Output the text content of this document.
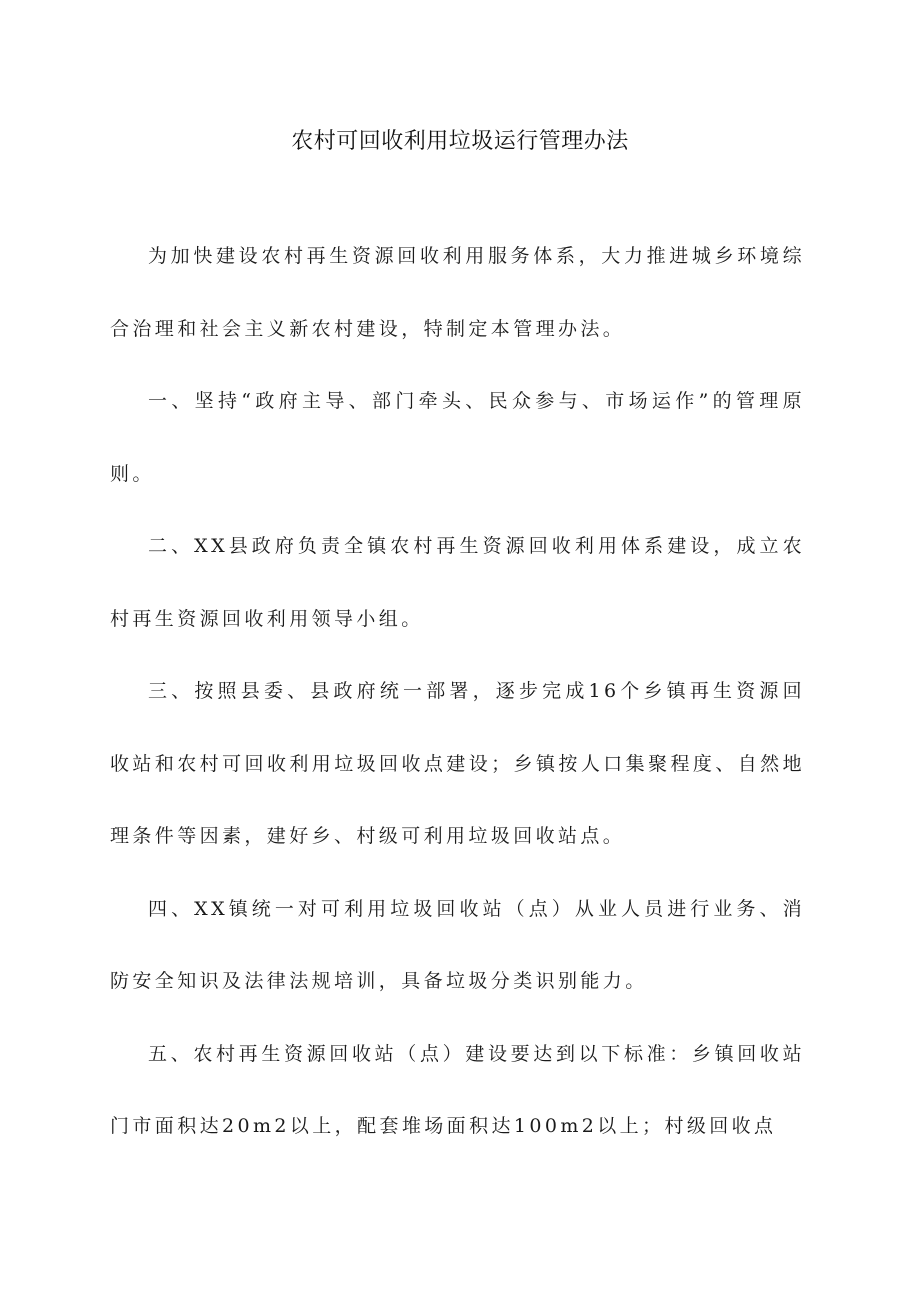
农村可回收利用垃圾运行管理办法

为加快建设农村再生资源回收利用服务体系，大力推进城乡环境综合治理和社会主义新农村建设，特制定本管理办法。

一、坚持“政府主导、部门牵头、民众参与、市场运作”的管理原则。

二、XX县政府负责全镇农村再生资源回收利用体系建设，成立农村再生资源回收利用领导小组。

三、按照县委、县政府统一部署，逐步完成16个乡镇再生资源回收站和农村可回收利用垃圾回收点建设；乡镇按人口集聚程度、自然地理条件等因素，建好乡、村级可利用垃圾回收站点。

四、XX镇统一对可利用垃圾回收站（点）从业人员进行业务、消防安全知识及法律法规培训，具备垃圾分类识别能力。

五、农村再生资源回收站（点）建设要达到以下标准：乡镇回收站门市面积达20m2以上，配套堆场面积达100m2以上；村级回收点
